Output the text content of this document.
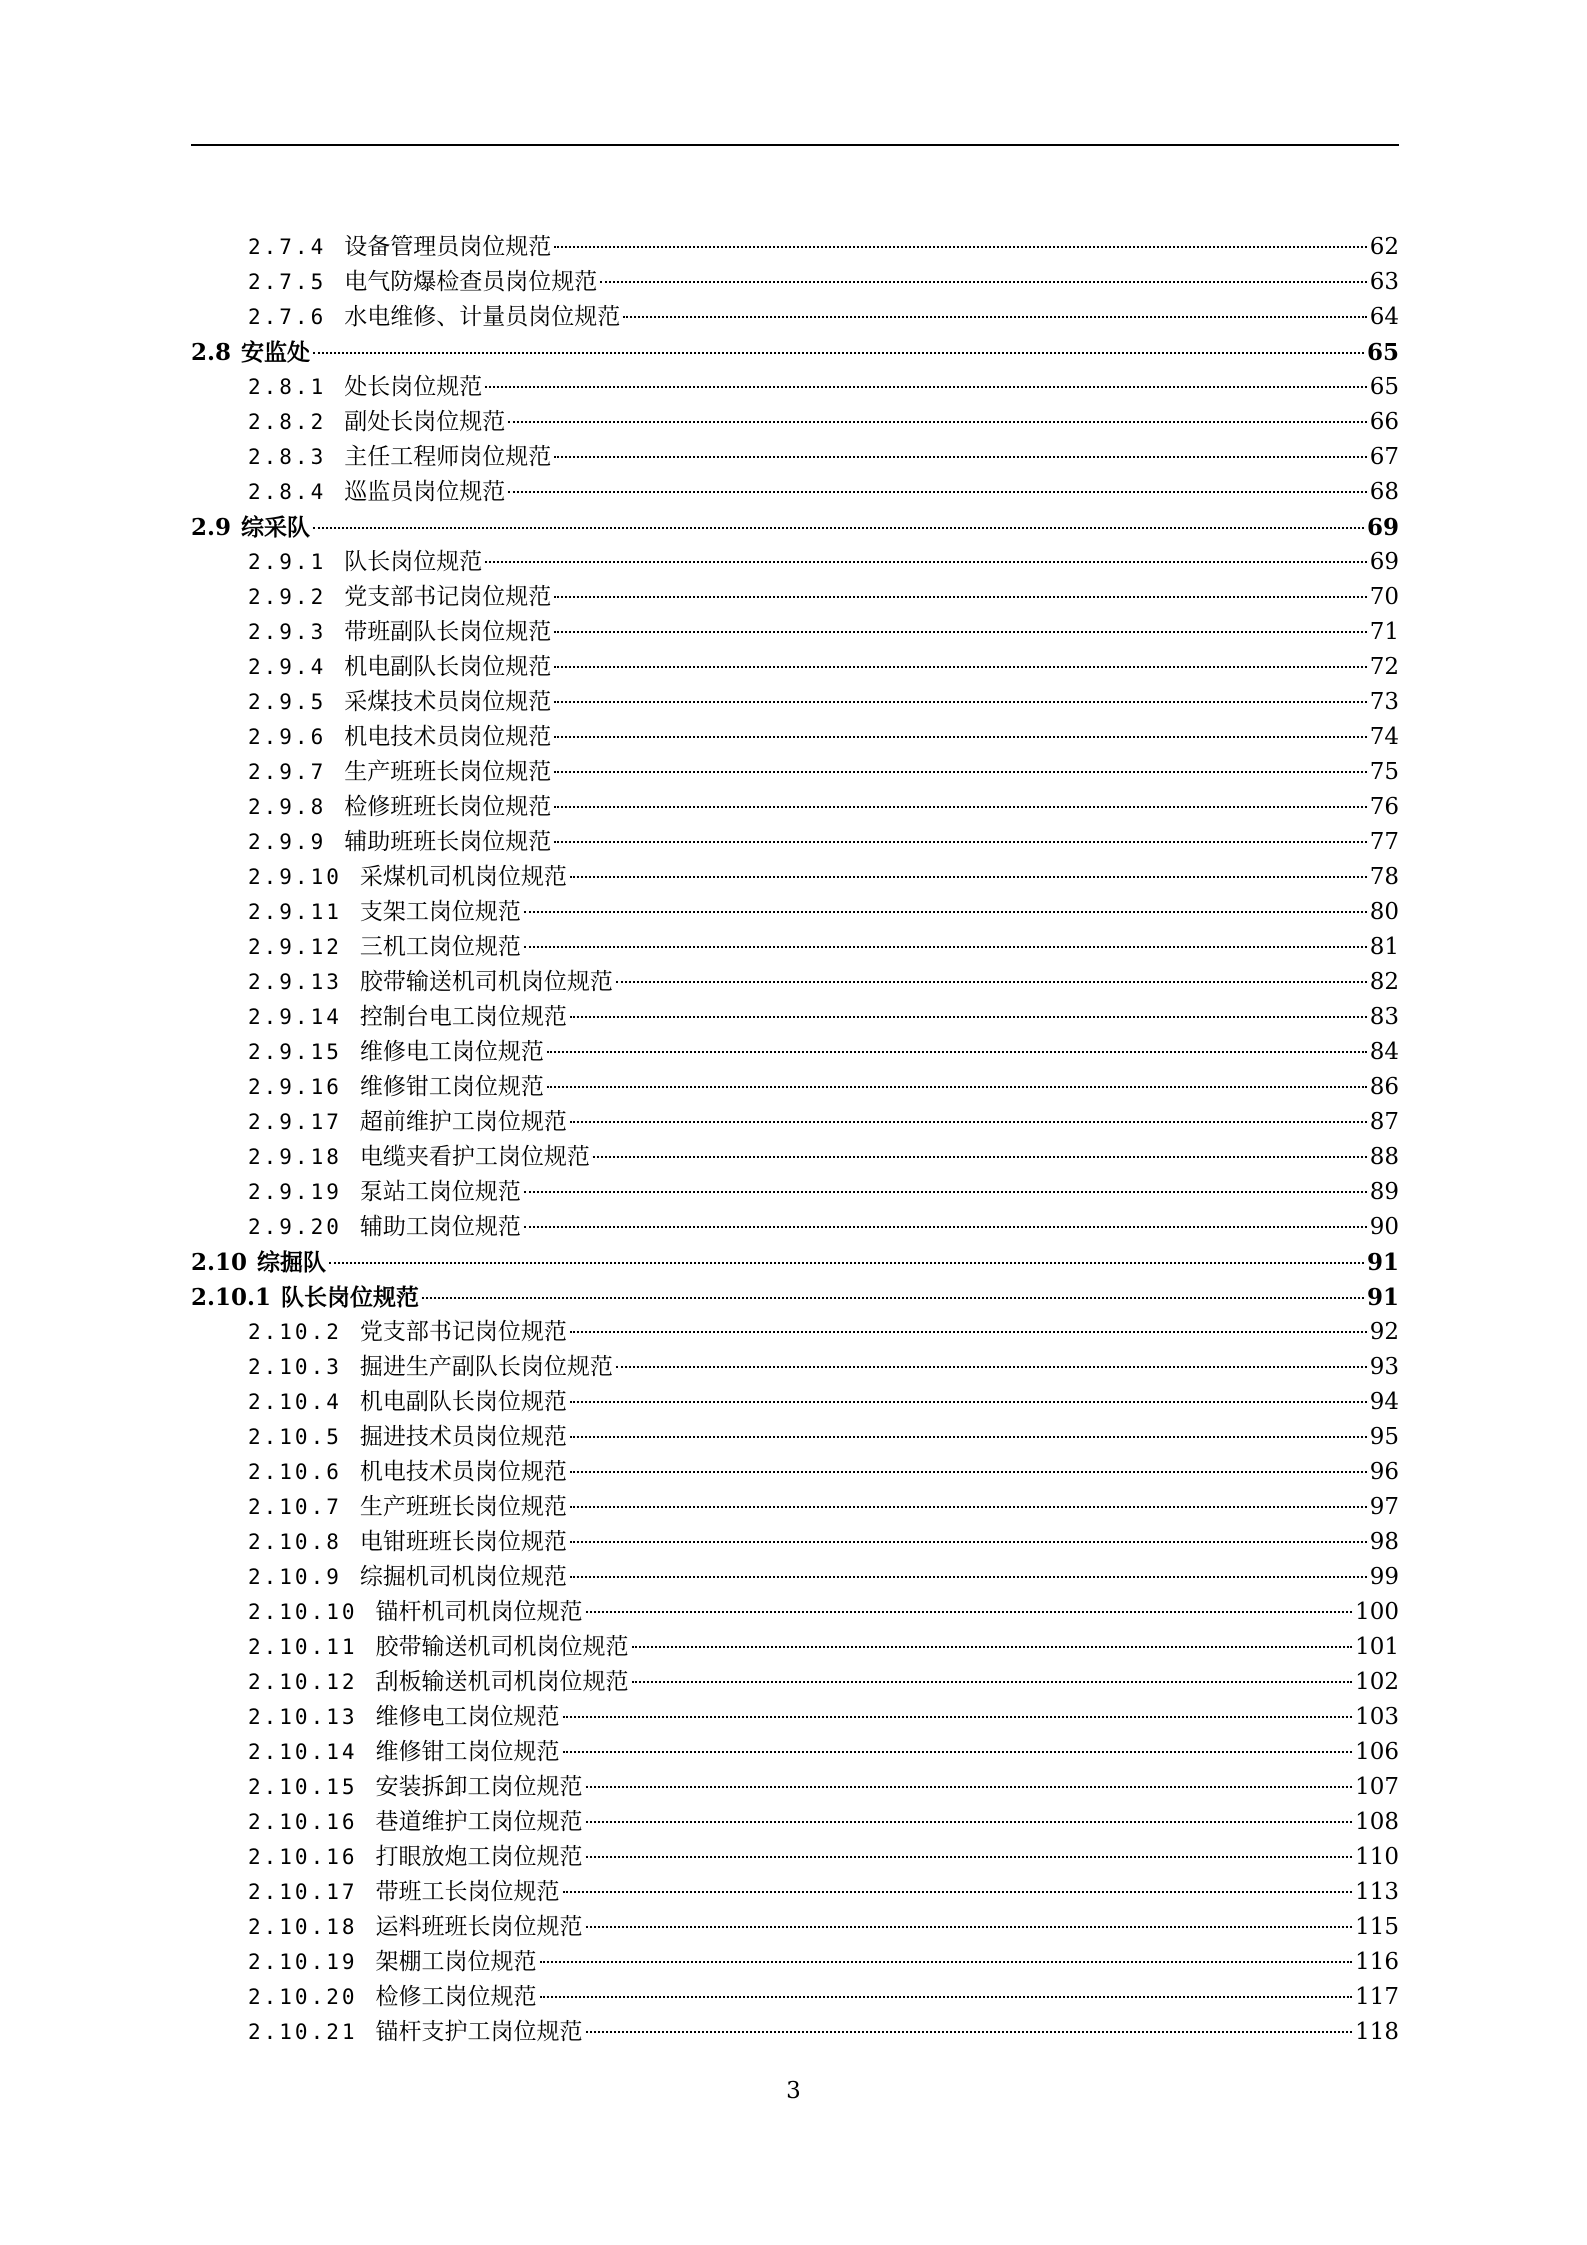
2.7.4 设备管理员岗位规范	62
2.7.5 电气防爆检查员岗位规范	63
2.7.6 水电维修、计量员岗位规范	64
2.8 安监处	65
2.8.1 处长岗位规范	65
2.8.2 副处长岗位规范	66
2.8.3 主任工程师岗位规范	67
2.8.4 巡监员岗位规范	68
2.9 综采队	69
2.9.1 队长岗位规范	69
2.9.2 党支部书记岗位规范	70
2.9.3 带班副队长岗位规范	71
2.9.4 机电副队长岗位规范	72
2.9.5 采煤技术员岗位规范	73
2.9.6 机电技术员岗位规范	74
2.9.7 生产班班长岗位规范	75
2.9.8 检修班班长岗位规范	76
2.9.9 辅助班班长岗位规范	77
2.9.10 采煤机司机岗位规范	78
2.9.11 支架工岗位规范	80
2.9.12 三机工岗位规范	81
2.9.13 胶带输送机司机岗位规范	82
2.9.14 控制台电工岗位规范	83
2.9.15 维修电工岗位规范	84
2.9.16 维修钳工岗位规范	86
2.9.17 超前维护工岗位规范	87
2.9.18 电缆夹看护工岗位规范	88
2.9.19 泵站工岗位规范	89
2.9.20 辅助工岗位规范	90
2.10 综掘队	91
2.10.1 队长岗位规范	91
2.10.2 党支部书记岗位规范	92
2.10.3 掘进生产副队长岗位规范	93
2.10.4 机电副队长岗位规范	94
2.10.5 掘进技术员岗位规范	95
2.10.6 机电技术员岗位规范	96
2.10.7 生产班班长岗位规范	97
2.10.8 电钳班班长岗位规范	98
2.10.9 综掘机司机岗位规范	99
2.10.10 锚杆机司机岗位规范	100
2.10.11 胶带输送机司机岗位规范	101
2.10.12 刮板输送机司机岗位规范	102
2.10.13 维修电工岗位规范	103
2.10.14 维修钳工岗位规范	106
2.10.15 安装拆卸工岗位规范	107
2.10.16 巷道维护工岗位规范	108
2.10.16 打眼放炮工岗位规范	110
2.10.17 带班工长岗位规范	113
2.10.18 运料班班长岗位规范	115
2.10.19 架棚工岗位规范	116
2.10.20 检修工岗位规范	117
2.10.21 锚杆支护工岗位规范	118
3
